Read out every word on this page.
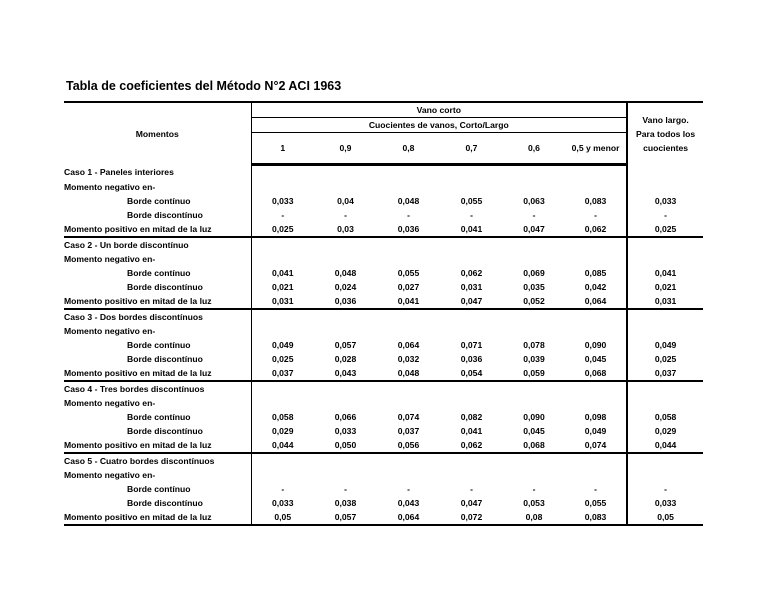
Tabla de coeficientes del Método N°2 ACI 1963
Momentos	Vano corto						Vano largo.
Para todos los
cuocientes

	Cuocientes de vanos, Corto/Largo						
	1	0,9	0,8	0,7	0,6	0,5 y menor	
Caso 1 - Paneles interiores							
Momento negativo en-							
Borde contínuo	0,033	0,04	0,048	0,055	0,063	0,083	0,033
Borde discontínuo	-	-	-	-	-	-	-
Momento positivo en mitad de la luz	0,025	0,03	0,036	0,041	0,047	0,062	0,025
Caso 2 - Un borde discontínuo							
Momento negativo en-							
Borde contínuo	0,041	0,048	0,055	0,062	0,069	0,085	0,041
Borde discontínuo	0,021	0,024	0,027	0,031	0,035	0,042	0,021
Momento positivo en mitad de la luz	0,031	0,036	0,041	0,047	0,052	0,064	0,031
Caso 3 - Dos bordes discontínuos							
Momento negativo en-							
Borde contínuo	0,049	0,057	0,064	0,071	0,078	0,090	0,049
Borde discontínuo	0,025	0,028	0,032	0,036	0,039	0,045	0,025
Momento positivo en mitad de la luz	0,037	0,043	0,048	0,054	0,059	0,068	0,037
Caso 4 - Tres bordes discontínuos							
Momento negativo en-							
Borde contínuo	0,058	0,066	0,074	0,082	0,090	0,098	0,058
Borde discontínuo	0,029	0,033	0,037	0,041	0,045	0,049	0,029
Momento positivo en mitad de la luz	0,044	0,050	0,056	0,062	0,068	0,074	0,044
Caso 5 - Cuatro bordes discontínuos							
Momento negativo en-							
Borde contínuo	-	-	-	-	-	-	-
Borde discontínuo	0,033	0,038	0,043	0,047	0,053	0,055	0,033
Momento positivo en mitad de la luz	0,05	0,057	0,064	0,072	0,08	0,083	0,05
